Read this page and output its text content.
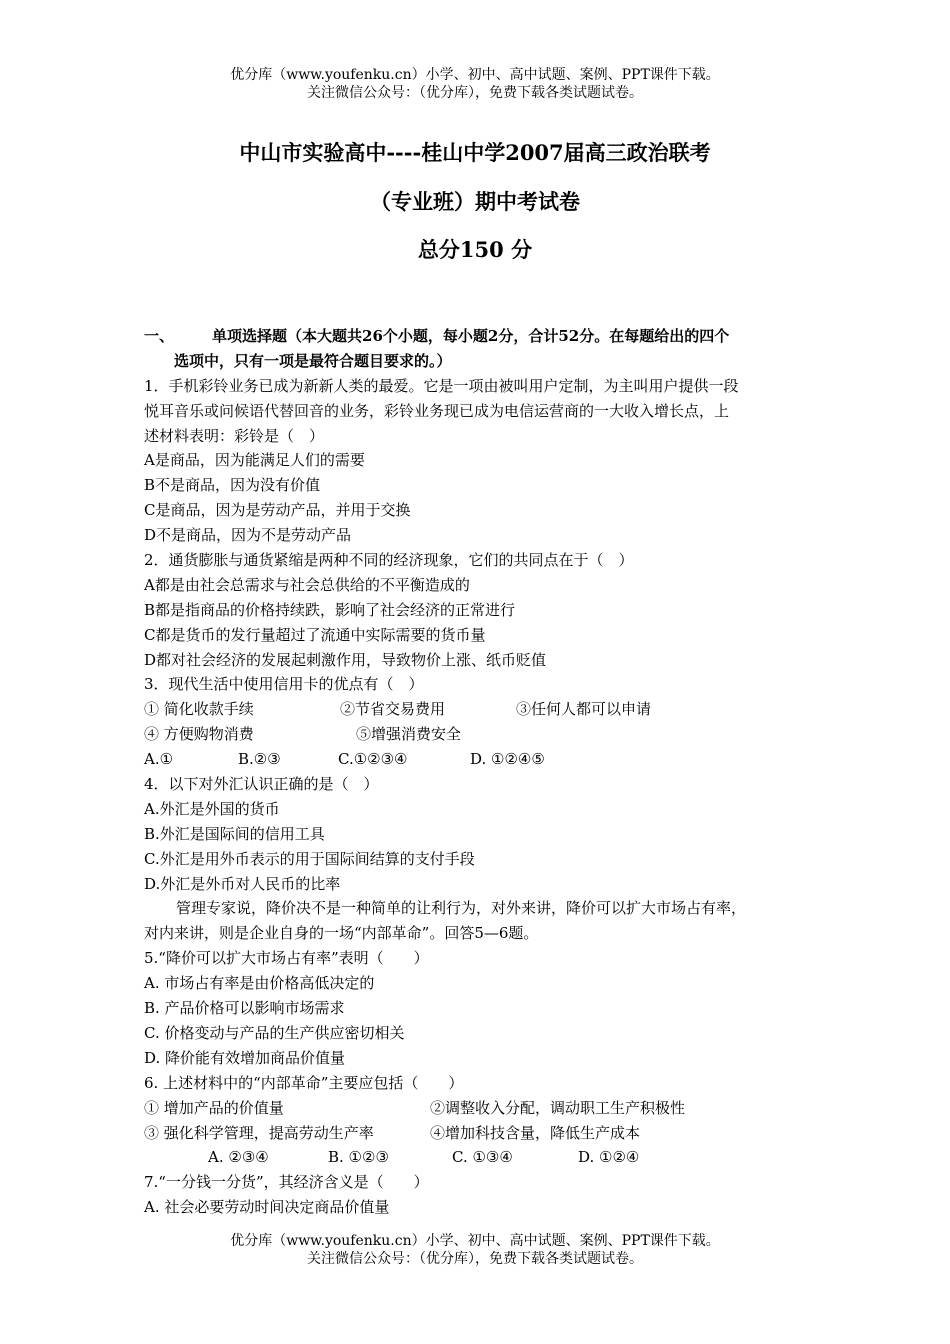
优分库（www.youfenku.cn）小学、初中、高中试题、案例、PPT课件下载。
关注微信公众号：（优分库），免费下载各类试题试卷。
中山市实验高中----桂山中学2007届高三政治联考
（专业班）期中考试卷
总分150 分
一、	单项选择题（本大题共26个小题，每小题2分，合计52分。在每题给出的四个
选项中，只有一项是最符合题目要求的。）
1．手机彩铃业务已成为新新人类的最爱。它是一项由被叫用户定制，为主叫用户提供一段
悦耳音乐或问候语代替回音的业务，彩铃业务现已成为电信运营商的一大收入增长点，上
述材料表明：彩铃是（　）
A是商品，因为能满足人们的需要
B不是商品，因为没有价值
C是商品，因为是劳动产品，并用于交换
D不是商品，因为不是劳动产品
2．通货膨胀与通货紧缩是两种不同的经济现象，它们的共同点在于（　）
A都是由社会总需求与社会总供给的不平衡造成的
B都是指商品的价格持续跌，影响了社会经济的正常进行
C都是货币的发行量超过了流通中实际需要的货币量
D都对社会经济的发展起刺激作用，导致物价上涨、纸币贬值
3．现代生活中使用信用卡的优点有（　）
① 简化收款手续	②节省交易费用	③任何人都可以申请
④ 方便购物消费	⑤增强消费安全
A.①	B.②③	C.①②③④	D. ①②④⑤
4．以下对外汇认识正确的是（　）
A.外汇是外国的货币
B.外汇是国际间的信用工具
C.外汇是用外币表示的用于国际间结算的支付手段
D.外汇是外币对人民币的比率
管理专家说，降价决不是一种简单的让利行为，对外来讲，降价可以扩大市场占有率，
对内来讲，则是企业自身的一场“内部革命”。回答5—6题。
5.“降价可以扩大市场占有率”表明（　　）
A. 市场占有率是由价格高低决定的
B. 产品价格可以影响市场需求
C. 价格变动与产品的生产供应密切相关
D. 降价能有效增加商品价值量
6. 上述材料中的“内部革命”主要应包括（　　）
① 增加产品的价值量	②调整收入分配，调动职工生产积极性
③ 强化科学管理，提高劳动生产率	④增加科技含量，降低生产成本
A. ②③④	B. ①②③	C. ①③④	D. ①②④
7.“一分钱一分货”，其经济含义是（　　）
A. 社会必要劳动时间决定商品价值量
优分库（www.youfenku.cn）小学、初中、高中试题、案例、PPT课件下载。
关注微信公众号：（优分库），免费下载各类试题试卷。
